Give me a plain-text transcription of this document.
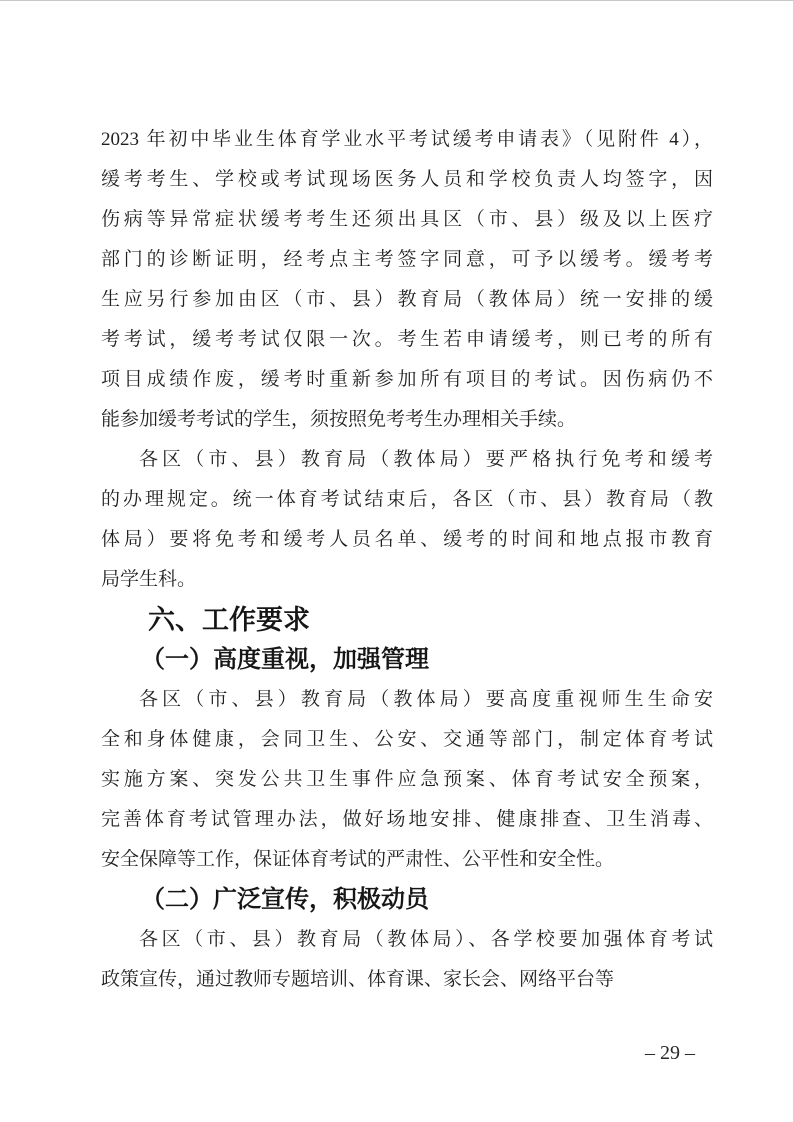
2023 年初中毕业生体育学业水平考试缓考申请表》（见附件 4），
缓考考生、学校或考试现场医务人员和学校负责人均签字，因
伤病等异常症状缓考考生还须出具区（市、县）级及以上医疗
部门的诊断证明，经考点主考签字同意，可予以缓考。缓考考
生应另行参加由区（市、县）教育局（教体局）统一安排的缓
考考试，缓考考试仅限一次。考生若申请缓考，则已考的所有
项目成绩作废，缓考时重新参加所有项目的考试。因伤病仍不
能参加缓考考试的学生，须按照免考考生办理相关手续。
各区（市、县）教育局（教体局）要严格执行免考和缓考
的办理规定。统一体育考试结束后，各区（市、县）教育局（教
体局）要将免考和缓考人员名单、缓考的时间和地点报市教育
局学生科。
六、工作要求
（一）高度重视，加强管理
各区（市、县）教育局（教体局）要高度重视师生生命安
全和身体健康，会同卫生、公安、交通等部门，制定体育考试
实施方案、突发公共卫生事件应急预案、体育考试安全预案，
完善体育考试管理办法，做好场地安排、健康排查、卫生消毒、
安全保障等工作，保证体育考试的严肃性、公平性和安全性。
（二）广泛宣传，积极动员
各区（市、县）教育局（教体局）、各学校要加强体育考试
政策宣传，通过教师专题培训、体育课、家长会、网络平台等
– 29 –
